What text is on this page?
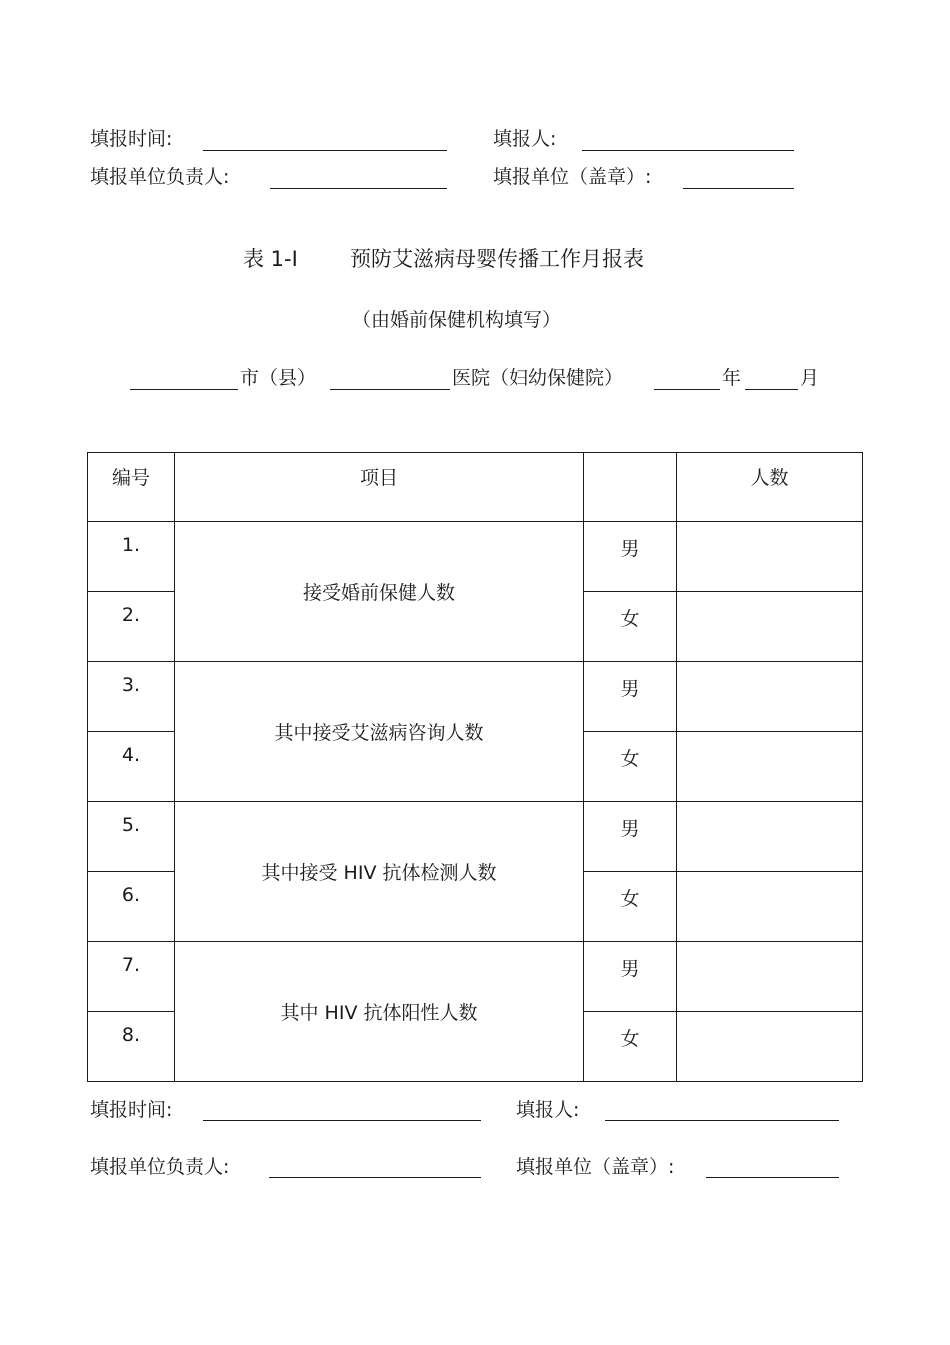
填报时间:	填报人:
填报单位负责人:	填报单位（盖章）:
表 1-I 预防艾滋病母婴传播工作月报表
（由婚前保健机构填写）
市（县）	医院（妇幼保健院）	年	月
编号	项目		人数
1.	接受婚前保健人数	男	
2.		女	
3.	其中接受艾滋病咨询人数	男	
4.		女	
5.	其中接受 HIV 抗体检测人数	男	
6.		女	
7.	其中 HIV 抗体阳性人数	男	
8.		女	
填报时间:	填报人:
填报单位负责人:	填报单位（盖章）:
